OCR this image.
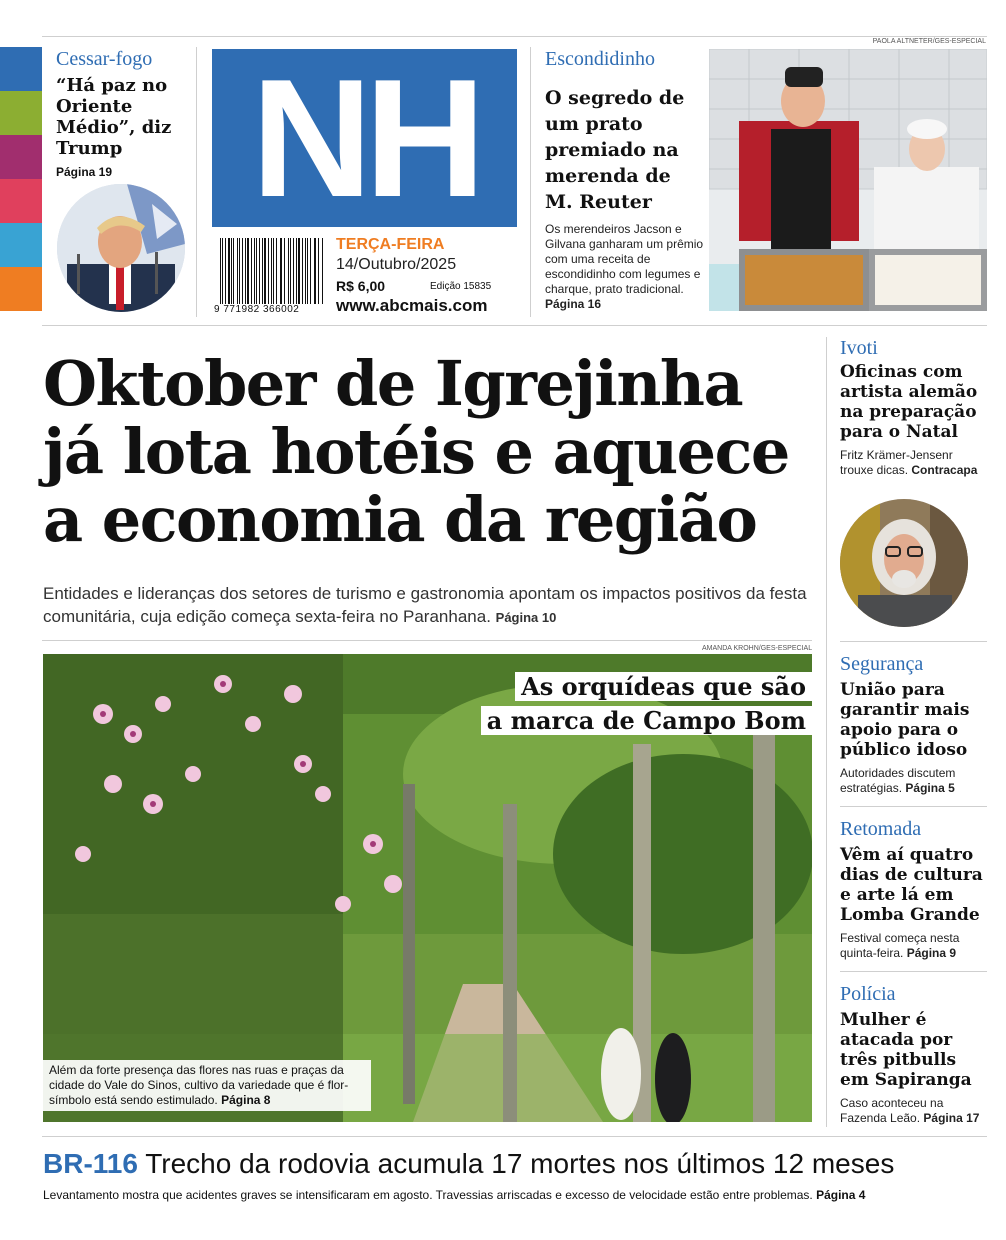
PAOLA ALTNETER/GES-ESPECIAL
Cessar-fogo
“Há paz no Oriente Médio”, diz Trump
Página 19 NH
9 771982 366002
TERÇA-FEIRA
14/Outubro/2025
R$ 6,00	Edição 15835
www.abcmais.com
Escondidinho
O segredo de um prato premiado na merenda de M. Reuter
Os merendeiros Jacson e Gilvana ganharam um prêmio com uma receita de escondidinho com legumes e charque, prato tradicional. Página 16
Oktober de Igrejinha
já lota hotéis e aquece
a economia da região
Entidades e lideranças dos setores de turismo e gastronomia apontam os impactos positivos da festa comunitária, cuja edição começa sexta-feira no Paranhana. Página 10
AMANDA KROHN/GES-ESPECIAL
As orquídeas que são
a marca de Campo Bom
Além da forte presença das flores nas ruas e praças da cidade do Vale do Sinos, cultivo da variedade que é flor-símbolo está sendo estimulado. Página 8
Ivoti
Oficinas com artista alemão na preparação para o Natal
Fritz Krämer-Jensenr trouxe dicas. Contracapa
Segurança
União para garantir mais apoio para o público idoso
Autoridades discutem estratégias. Página 5
Retomada
Vêm aí quatro dias de cultura e arte lá em Lomba Grande
Festival começa nesta quinta-feira. Página 9
Polícia
Mulher é atacada por três pitbulls em Sapiranga
Caso aconteceu na Fazenda Leão. Página 17
BR-116 Trecho da rodovia acumula 17 mortes nos últimos 12 meses
Levantamento mostra que acidentes graves se intensificaram em agosto. Travessias arriscadas e excesso de velocidade estão entre problemas. Página 4
